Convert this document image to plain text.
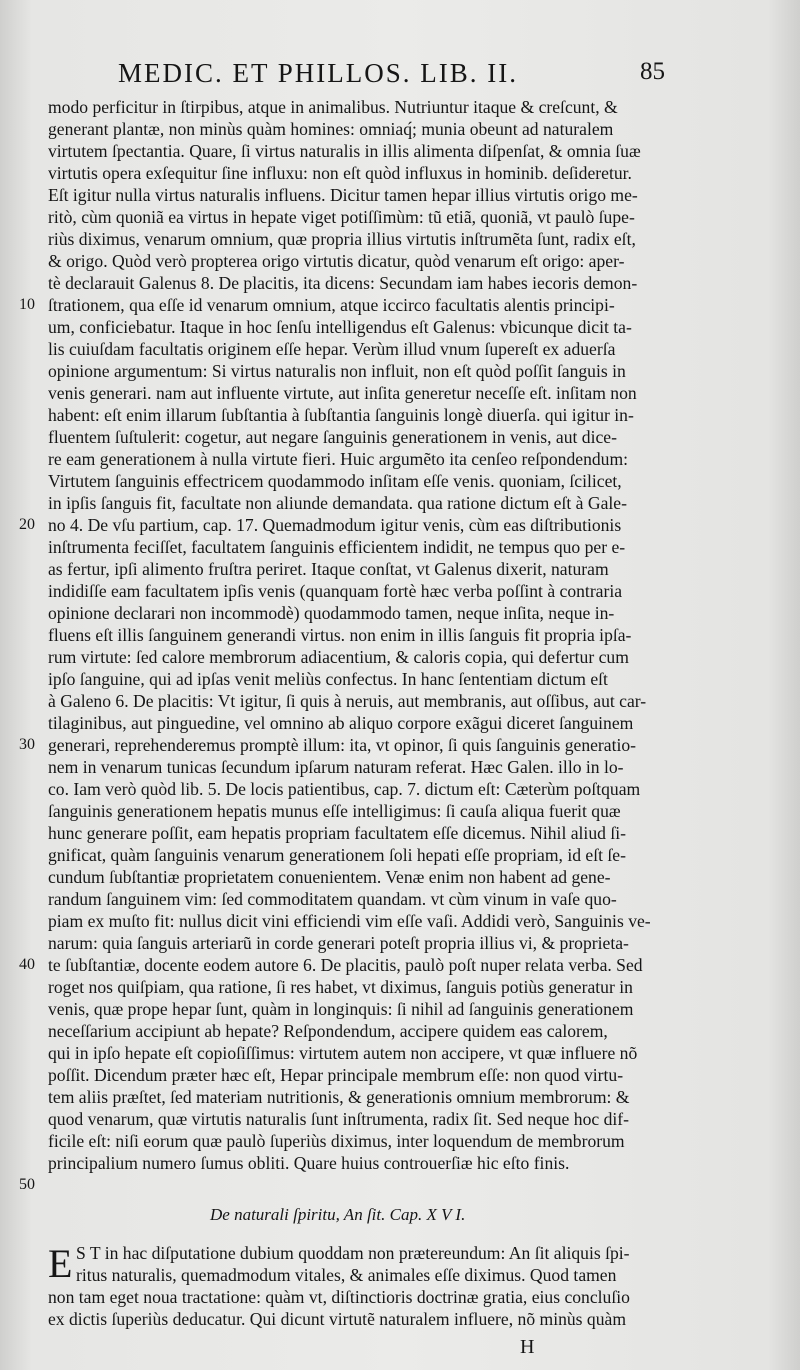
MEDIC. ET PHILLOS. LIB. II.	85
modo perficitur in ſtirpibus, atque in animalibus. Nutriuntur itaque & creſcunt, &
generant plantæ, non minùs quàm homines: omniaq́; munia obeunt ad naturalem
virtutem ſpectantia. Quare, ſi virtus naturalis in illis alimenta diſpenſat, & omnia ſuæ
virtutis opera exſequitur ſine influxu: non eſt quòd influxus in hominib. deſideretur.
Eſt igitur nulla virtus naturalis influens. Dicitur tamen hepar illius virtutis origo me-
ritò, cùm quoniã ea virtus in hepate viget potiſſimùm: tũ etiã, quoniã, vt paulò ſupe-
riùs diximus, venarum omnium, quæ propria illius virtutis inſtrumẽta ſunt, radix eſt,
& origo. Quòd verò propterea origo virtutis dicatur, quòd venarum eſt origo: aper-
tè declarauit Galenus 8. De placitis, ita dicens: Secundam iam habes iecoris demon-
ſtrationem, qua eſſe id venarum omnium, atque iccirco facultatis alentis principi-
um, conficiebatur. Itaque in hoc ſenſu intelligendus eſt Galenus: vbicunque dicit ta-
lis cuiuſdam facultatis originem eſſe hepar. Verùm illud vnum ſupereſt ex aduerſa
opinione argumentum: Si virtus naturalis non influit, non eſt quòd poſſit ſanguis in
venis generari. nam aut influente virtute, aut inſita generetur neceſſe eſt. inſitam non
habent: eſt enim illarum ſubſtantia à ſubſtantia ſanguinis longè diuerſa. qui igitur in-
fluentem ſuſtulerit: cogetur, aut negare ſanguinis generationem in venis, aut dice-
re eam generationem à nulla virtute fieri. Huic argumẽto ita cenſeo reſpondendum:
Virtutem ſanguinis effectricem quodammodo inſitam eſſe venis. quoniam, ſcilicet,
in ipſis ſanguis fit, facultate non aliunde demandata. qua ratione dictum eſt à Gale-
no 4. De vſu partium, cap. 17. Quemadmodum igitur venis, cùm eas diſtributionis
inſtrumenta feciſſet, facultatem ſanguinis efficientem indidit, ne tempus quo per e-
as fertur, ipſi alimento fruſtra periret. Itaque conſtat, vt Galenus dixerit, naturam
indidiſſe eam facultatem ipſis venis (quanquam fortè hæc verba poſſint à contraria
opinione declarari non incommodè) quodammodo tamen, neque inſita, neque in-
fluens eſt illis ſanguinem generandi virtus. non enim in illis ſanguis fit propria ipſa-
rum virtute: ſed calore membrorum adiacentium, & caloris copia, qui defertur cum
ipſo ſanguine, qui ad ipſas venit meliùs confectus. In hanc ſententiam dictum eſt
à Galeno 6. De placitis: Vt igitur, ſi quis à neruis, aut membranis, aut oſſibus, aut car-
tilaginibus, aut pinguedine, vel omnino ab aliquo corpore exãgui diceret ſanguinem
generari, reprehenderemus promptè illum: ita, vt opinor, ſi quis ſanguinis generatio-
nem in venarum tunicas ſecundum ipſarum naturam referat. Hæc Galen. illo in lo-
co. Iam verò quòd lib. 5. De locis patientibus, cap. 7. dictum eſt: Cæterùm poſtquam
ſanguinis generationem hepatis munus eſſe intelligimus: ſi cauſa aliqua fuerit quæ
hunc generare poſſit, eam hepatis propriam facultatem eſſe dicemus. Nihil aliud ſi-
gnificat, quàm ſanguinis venarum generationem ſoli hepati eſſe propriam, id eſt ſe-
cundum ſubſtantiæ proprietatem conuenientem. Venæ enim non habent ad gene-
randum ſanguinem vim: ſed commoditatem quandam. vt cùm vinum in vaſe quo-
piam ex muſto fit: nullus dicit vini efficiendi vim eſſe vaſi. Addidi verò, Sanguinis ve-
narum: quia ſanguis arteriarũ in corde generari poteſt propria illius vi, & proprieta-
te ſubſtantiæ, docente eodem autore 6. De placitis, paulò poſt nuper relata verba. Sed
roget nos quiſpiam, qua ratione, ſi res habet, vt diximus, ſanguis potiùs generatur in
venis, quæ prope hepar ſunt, quàm in longinquis: ſi nihil ad ſanguinis generationem
neceſſarium accipiunt ab hepate? Reſpondendum, accipere quidem eas calorem,
qui in ipſo hepate eſt copioſiſſimus: virtutem autem non accipere, vt quæ influere nõ
poſſit. Dicendum præter hæc eſt, Hepar principale membrum eſſe: non quod virtu-
tem aliis præſtet, ſed materiam nutritionis, & generationis omnium membrorum: &
quod venarum, quæ virtutis naturalis ſunt inſtrumenta, radix ſit. Sed neque hoc dif-
ficile eſt: niſi eorum quæ paulò ſuperiùs diximus, inter loquendum de membrorum
principalium numero ſumus obliti. Quare huius controuerſiæ hic eſto finis.
10
20
30
40
50
De naturali ſpiritu, An ſit. Cap. X V I.
E S T in hac diſputatione dubium quoddam non prætereundum: An ſit aliquis ſpi-
ritus naturalis, quemadmodum vitales, & animales eſſe diximus. Quod tamen
non tam eget noua tractatione: quàm vt, diſtinctioris doctrinæ gratia, eius concluſio
ex dictis ſuperiùs deducatur. Qui dicunt virtutẽ naturalem influere, nõ minùs quàm
H
